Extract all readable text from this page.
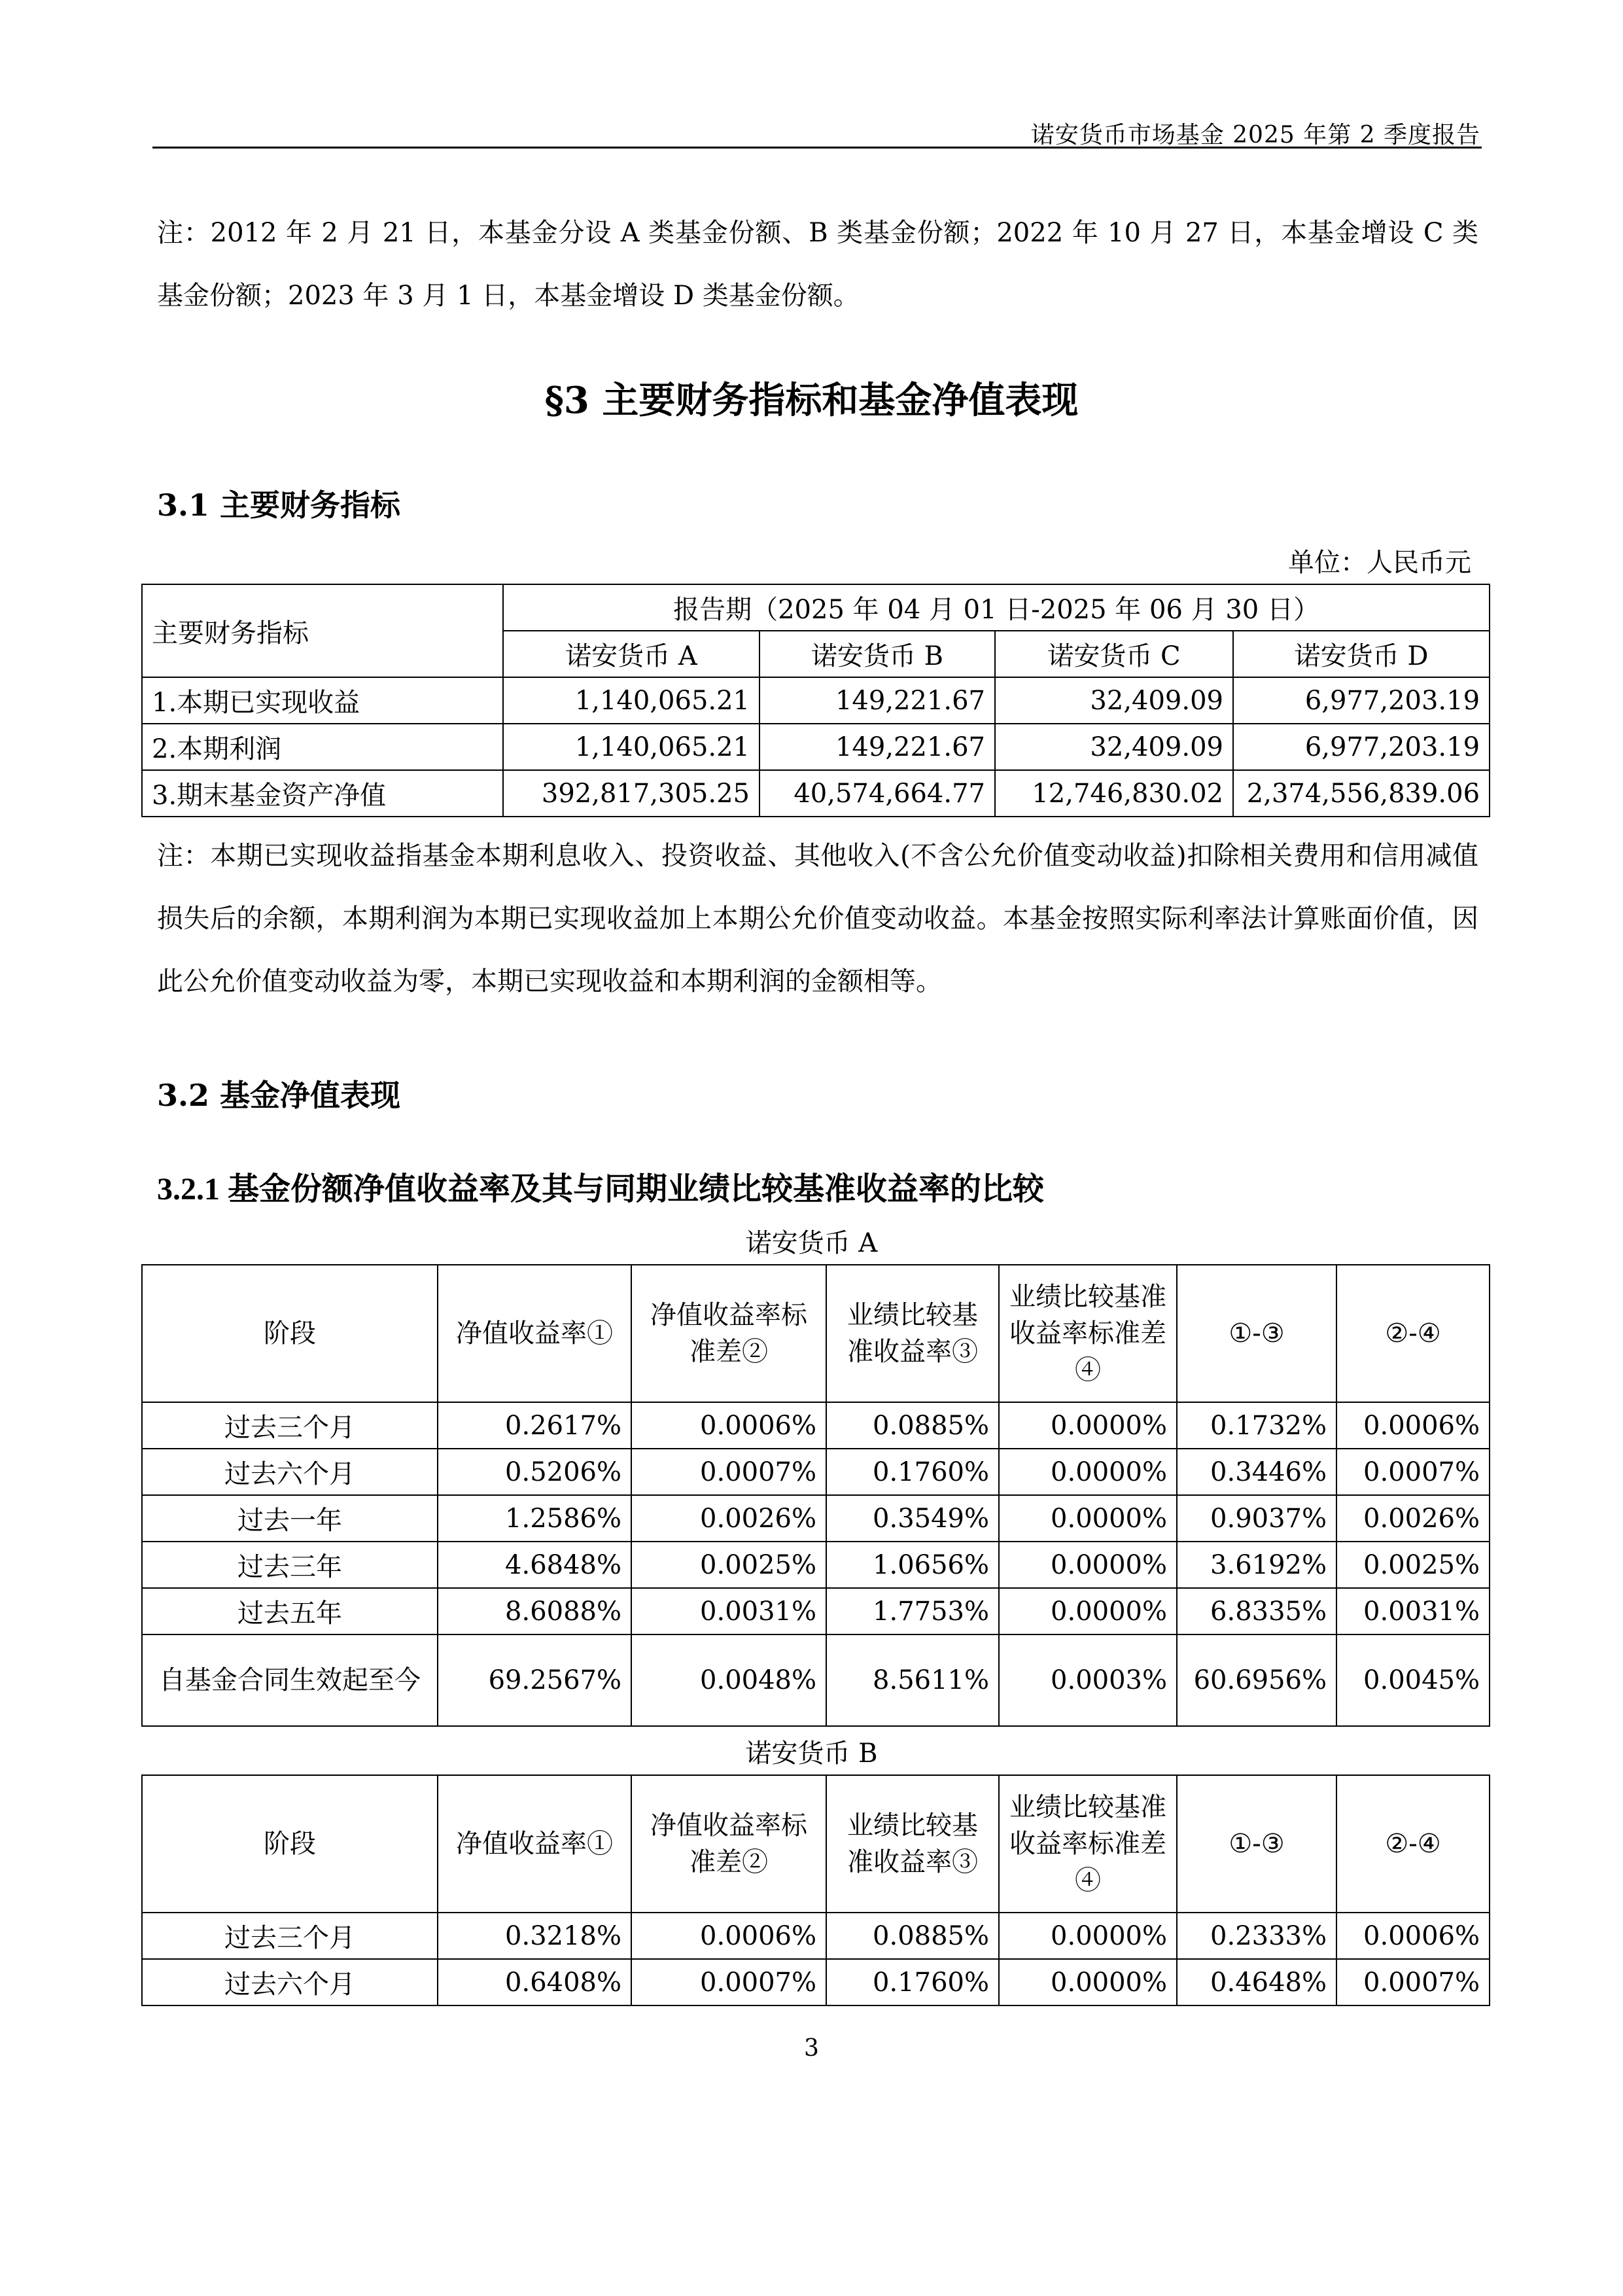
诺安货币市场基金 2025 年第 2 季度报告
注：2012 年 2 月 21 日，本基金分设 A 类基金份额、B 类基金份额；2022 年 10 月 27 日，本基金增设 C 类基金份额；2023 年 3 月 1 日，本基金增设 D 类基金份额。
§3 主要财务指标和基金净值表现
3.1 主要财务指标
单位：人民币元
主要财务指标	报告期（2025 年 04 月 01 日-2025 年 06 月 30 日）			
	诺安货币 A	诺安货币 B	诺安货币 C	诺安货币 D
1.本期已实现收益	1,140,065.21	149,221.67	32,409.09	6,977,203.19
2.本期利润	1,140,065.21	149,221.67	32,409.09	6,977,203.19
3.期末基金资产净值	392,817,305.25	40,574,664.77	12,746,830.02	2,374,556,839.06
注：本期已实现收益指基金本期利息收入、投资收益、其他收入(不含公允价值变动收益)扣除相关费用和信用减值损失后的余额，本期利润为本期已实现收益加上本期公允价值变动收益。本基金按照实际利率法计算账面价值，因此公允价值变动收益为零，本期已实现收益和本期利润的金额相等。
3.2 基金净值表现
3.2.1 基金份额净值收益率及其与同期业绩比较基准收益率的比较
诺安货币 A
阶段	净值收益率①	净值收益率标准差②	业绩比较基准收益率③	业绩比较基准收益率标准差④	①-③	②-④
过去三个月	0.2617%	0.0006%	0.0885%	0.0000%	0.1732%	0.0006%
过去六个月	0.5206%	0.0007%	0.1760%	0.0000%	0.3446%	0.0007%
过去一年	1.2586%	0.0026%	0.3549%	0.0000%	0.9037%	0.0026%
过去三年	4.6848%	0.0025%	1.0656%	0.0000%	3.6192%	0.0025%
过去五年	8.6088%	0.0031%	1.7753%	0.0000%	6.8335%	0.0031%
自基金合同生效起至今	69.2567%	0.0048%	8.5611%	0.0003%	60.6956%	0.0045%
诺安货币 B
阶段	净值收益率①	净值收益率标准差②	业绩比较基准收益率③	业绩比较基准收益率标准差④	①-③	②-④
过去三个月	0.3218%	0.0006%	0.0885%	0.0000%	0.2333%	0.0006%
过去六个月	0.6408%	0.0007%	0.1760%	0.0000%	0.4648%	0.0007%
3
